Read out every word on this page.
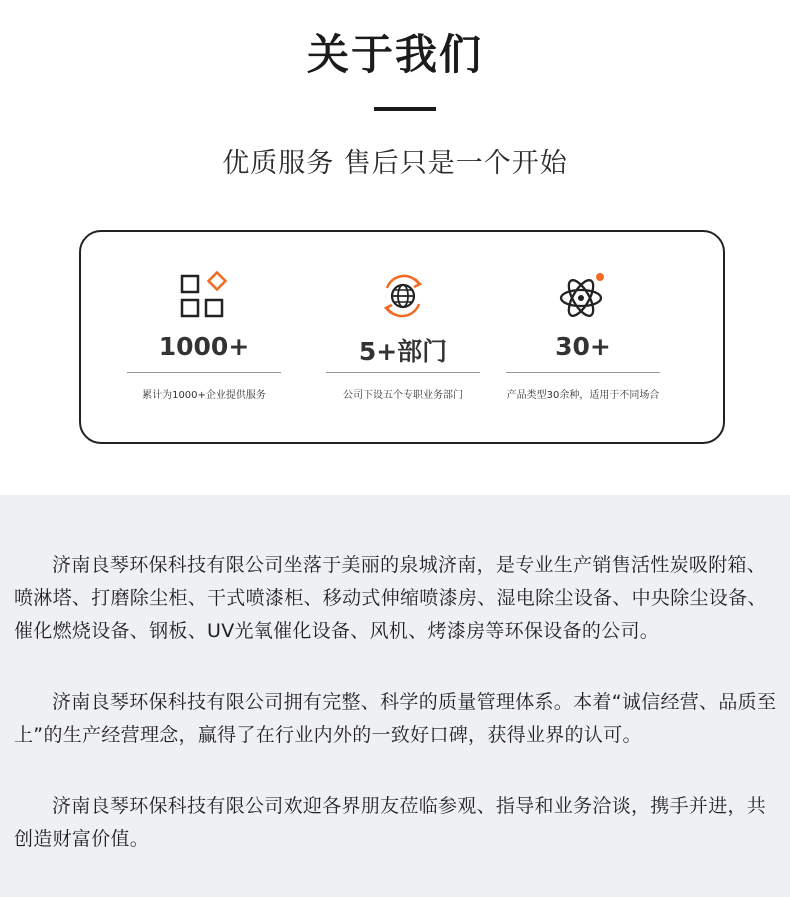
关于我们
优质服务 售后只是一个开始
1000+
累计为1000+企业提供服务
5+部门
公司下设五个专职业务部门
30+
产品类型30余种，适用于不同场合

济南良琴环保科技有限公司坐落于美丽的泉城济南，是专业生产销售活性炭吸附箱、喷淋塔、打磨除尘柜、干式喷漆柜、移动式伸缩喷漆房、湿电除尘设备、中央除尘设备、催化燃烧设备、钢板、UV光氧催化设备、风机、烤漆房等环保设备的公司。

济南良琴环保科技有限公司拥有完整、科学的质量管理体系。本着“诚信经营、品质至上”的生产经营理念，赢得了在行业内外的一致好口碑，获得业界的认可。

济南良琴环保科技有限公司欢迎各界朋友莅临参观、指导和业务洽谈，携手并进，共创造财富价值。
